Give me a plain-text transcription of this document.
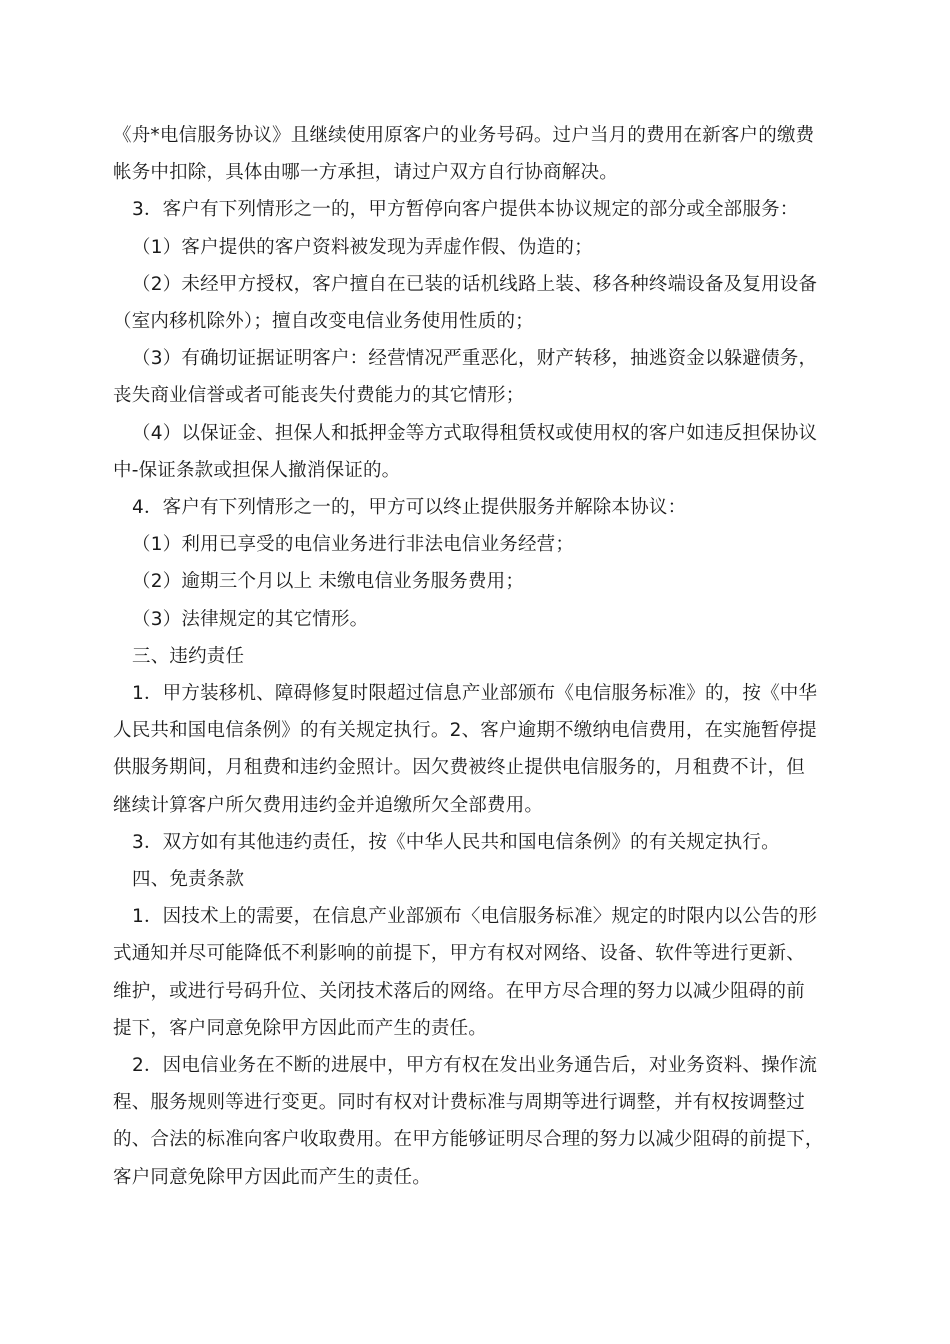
《舟*电信服务协议》且继续使用原客户的业务号码。过户当月的费用在新客户的缴费

帐务中扣除，具体由哪一方承担，请过户双方自行协商解决。

3．客户有下列情形之一的，甲方暂停向客户提供本协议规定的部分或全部服务：

（1）客户提供的客户资料被发现为弄虚作假、伪造的；

（2）未经甲方授权，客户擅自在已装的话机线路上装、移各种终端设备及复用设备

（室内移机除外）；擅自改变电信业务使用性质的；

（3）有确切证据证明客户：经营情况严重恶化，财产转移，抽逃资金以躲避债务，

丧失商业信誉或者可能丧失付费能力的其它情形；

（4）以保证金、担保人和抵押金等方式取得租赁权或使用权的客户如违反担保协议

中-保证条款或担保人撤消保证的。

4．客户有下列情形之一的，甲方可以终止提供服务并解除本协议：

（1）利用已享受的电信业务进行非法电信业务经营；

（2）逾期三个月以上 未缴电信业务服务费用；

（3）法律规定的其它情形。

三、违约责任

1．甲方装移机、障碍修复时限超过信息产业部颁布《电信服务标准》的，按《中华

人民共和国电信条例》的有关规定执行。2、客户逾期不缴纳电信费用，在实施暂停提

供服务期间，月租费和违约金照计。因欠费被终止提供电信服务的，月租费不计，但

继续计算客户所欠费用违约金并追缴所欠全部费用。

3．双方如有其他违约责任，按《中华人民共和国电信条例》的有关规定执行。

四、免责条款

1．因技术上的需要，在信息产业部颁布〈电信服务标准〉规定的时限内以公告的形

式通知并尽可能降低不利影响的前提下，甲方有权对网络、设备、软件等进行更新、

维护，或进行号码升位、关闭技术落后的网络。在甲方尽合理的努力以减少阻碍的前

提下，客户同意免除甲方因此而产生的责任。

2．因电信业务在不断的进展中，甲方有权在发出业务通告后，对业务资料、操作流

程、服务规则等进行变更。同时有权对计费标准与周期等进行调整，并有权按调整过

的、合法的标准向客户收取费用。在甲方能够证明尽合理的努力以减少阻碍的前提下，

客户同意免除甲方因此而产生的责任。
